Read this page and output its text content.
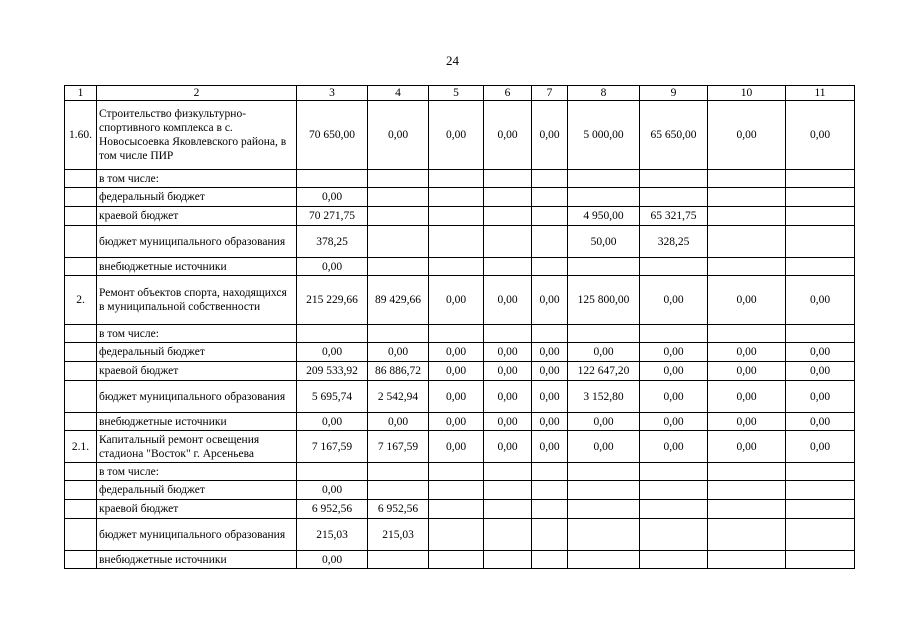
24
1	2	3	4	5	6	7	8	9	10	11
1.60.	Строительство физкультурно-спортивного комплекса в с. Новосысоевка Яковлевского района, в том числе ПИР	70 650,00	0,00	0,00	0,00	0,00	5 000,00	65 650,00	0,00	0,00
	в том числе:									
	федеральный бюджет	0,00								
	краевой бюджет	70 271,75					4 950,00	65 321,75		
	бюджет муниципального образования	378,25					50,00	328,25		
	внебюджетные источники	0,00								
2.	Ремонт объектов спорта, находящихся в муниципальной собственности	215 229,66	89 429,66	0,00	0,00	0,00	125 800,00	0,00	0,00	0,00
	в том числе:									
	федеральный бюджет	0,00	0,00	0,00	0,00	0,00	0,00	0,00	0,00	0,00
	краевой бюджет	209 533,92	86 886,72	0,00	0,00	0,00	122 647,20	0,00	0,00	0,00
	бюджет муниципального образования	5 695,74	2 542,94	0,00	0,00	0,00	3 152,80	0,00	0,00	0,00
	внебюджетные источники	0,00	0,00	0,00	0,00	0,00	0,00	0,00	0,00	0,00
2.1.	Капитальный ремонт освещения стадиона "Восток" г. Арсеньева	7 167,59	7 167,59	0,00	0,00	0,00	0,00	0,00	0,00	0,00
	в том числе:									
	федеральный бюджет	0,00								
	краевой бюджет	6 952,56	6 952,56							
	бюджет муниципального образования	215,03	215,03							
	внебюджетные источники	0,00								
